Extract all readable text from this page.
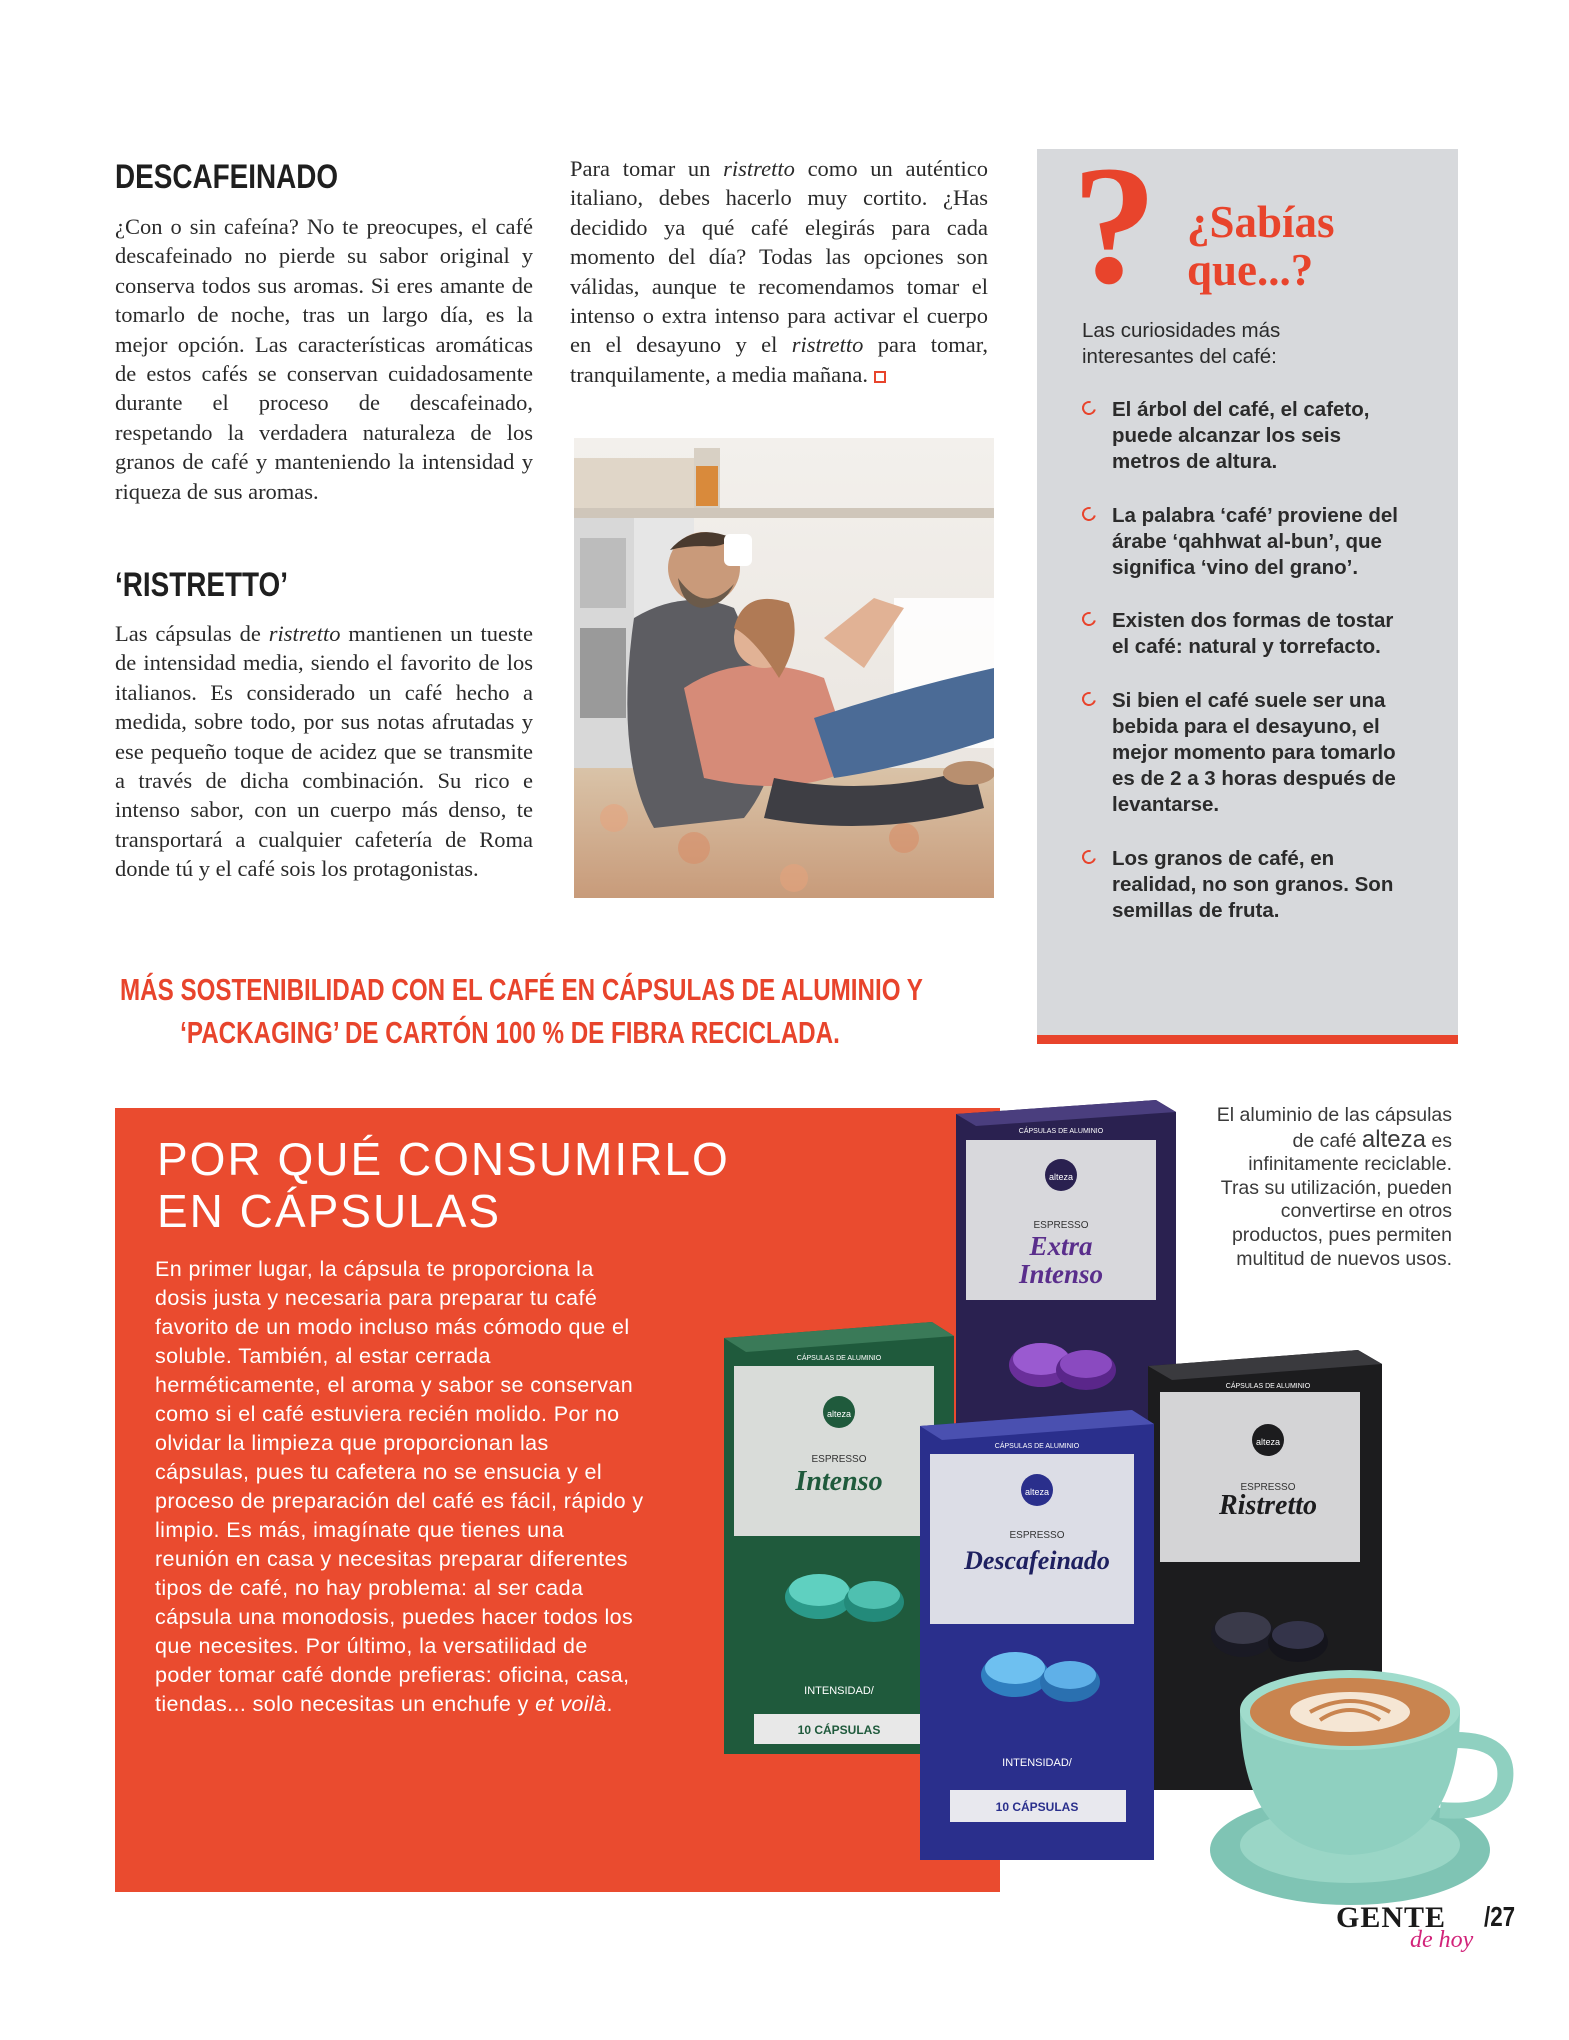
DESCAFEINADO
¿Con o sin cafeína? No te preocupes, el café descafeinado no pierde su sabor original y conserva todos sus aromas. Si eres amante de tomarlo de noche, tras un largo día, es la mejor opción. Las características aromáticas de estos cafés se conservan cuidadosamente durante el proceso de descafeinado, respetando la verdadera naturaleza de los granos de café y manteniendo la intensidad y riqueza de sus aromas.
‘RISTRETTO’
Las cápsulas de ristretto mantienen un tueste de intensidad media, siendo el favorito de los italianos. Es considerado un café hecho a medida, sobre todo, por sus notas afrutadas y ese pequeño toque de acidez que se transmite a través de dicha combinación. Su rico e intenso sabor, con un cuerpo más denso, te transportará a cualquier cafetería de Roma donde tú y el café sois los protagonistas.
Para tomar un ristretto como un auténtico italiano, debes hacerlo muy cortito. ¿Has decidido ya qué café elegirás para cada momento del día? Todas las opciones son válidas, aunque te recomendamos tomar el intenso o extra intenso para activar el cuerpo en el desayuno y el ristretto para tomar, tranquilamente, a media mañana.
? ¿Sabías
que...?
Las curiosidades más interesantes del café:
El árbol del café, el cafeto, puede alcanzar los seis metros de altura.
La palabra ‘café’ proviene del árabe ‘qahhwat al-bun’, que significa ‘vino del grano’.
Existen dos formas de tostar el café: natural y torrefacto.
Si bien el café suele ser una bebida para el desayuno, el mejor momento para tomarlo es de 2 a 3 horas después de levantarse.
Los granos de café, en realidad, no son granos. Son semillas de fruta.
MÁS SOSTENIBILIDAD CON EL CAFÉ EN CÁPSULAS DE ALUMINIO Y
‘PACKAGING’ DE CARTÓN 100 % DE FIBRA RECICLADA.
POR QUÉ CONSUMIRLO
EN CÁPSULAS
En primer lugar, la cápsula te proporciona la dosis justa y necesaria para preparar tu café favorito de un modo incluso más cómodo que el soluble. También, al estar cerrada herméticamente, el aroma y sabor se conservan como si el café estuviera recién molido. Por no olvidar la limpieza que proporcionan las cápsulas, pues tu cafetera no se ensucia y el proceso de preparación del café es fácil, rápido y limpio. Es más, imagínate que tienes una reunión en casa y necesitas preparar diferentes tipos de café, no hay problema: al ser cada cápsula una monodosis, puedes hacer todos los que necesites. Por último, la versatilidad de poder tomar café donde prefieras: oficina, casa, tiendas... solo necesitas un enchufe y et voilà.
El aluminio de las cápsulas de café alteza es infinitamente reciclable. Tras su utilización, pueden convertirse en otros productos, pues permiten multitud de nuevos usos.
alteza
CÁPSULAS DE ALUMINIO
ESPRESSO
Extra Intenso
alteza
CÁPSULAS DE ALUMINIO
ESPRESSO
Ristretto
alteza
CÁPSULAS DE ALUMINIO
ESPRESSO
INTENSIDAD/
10 CÁPSULAS
Intenso	alteza
CÁPSULAS DE ALUMINIO
ESPRESSO
INTENSIDAD/
10 CÁPSULAS
Descafeinado
GENTE
de hoy
/27
